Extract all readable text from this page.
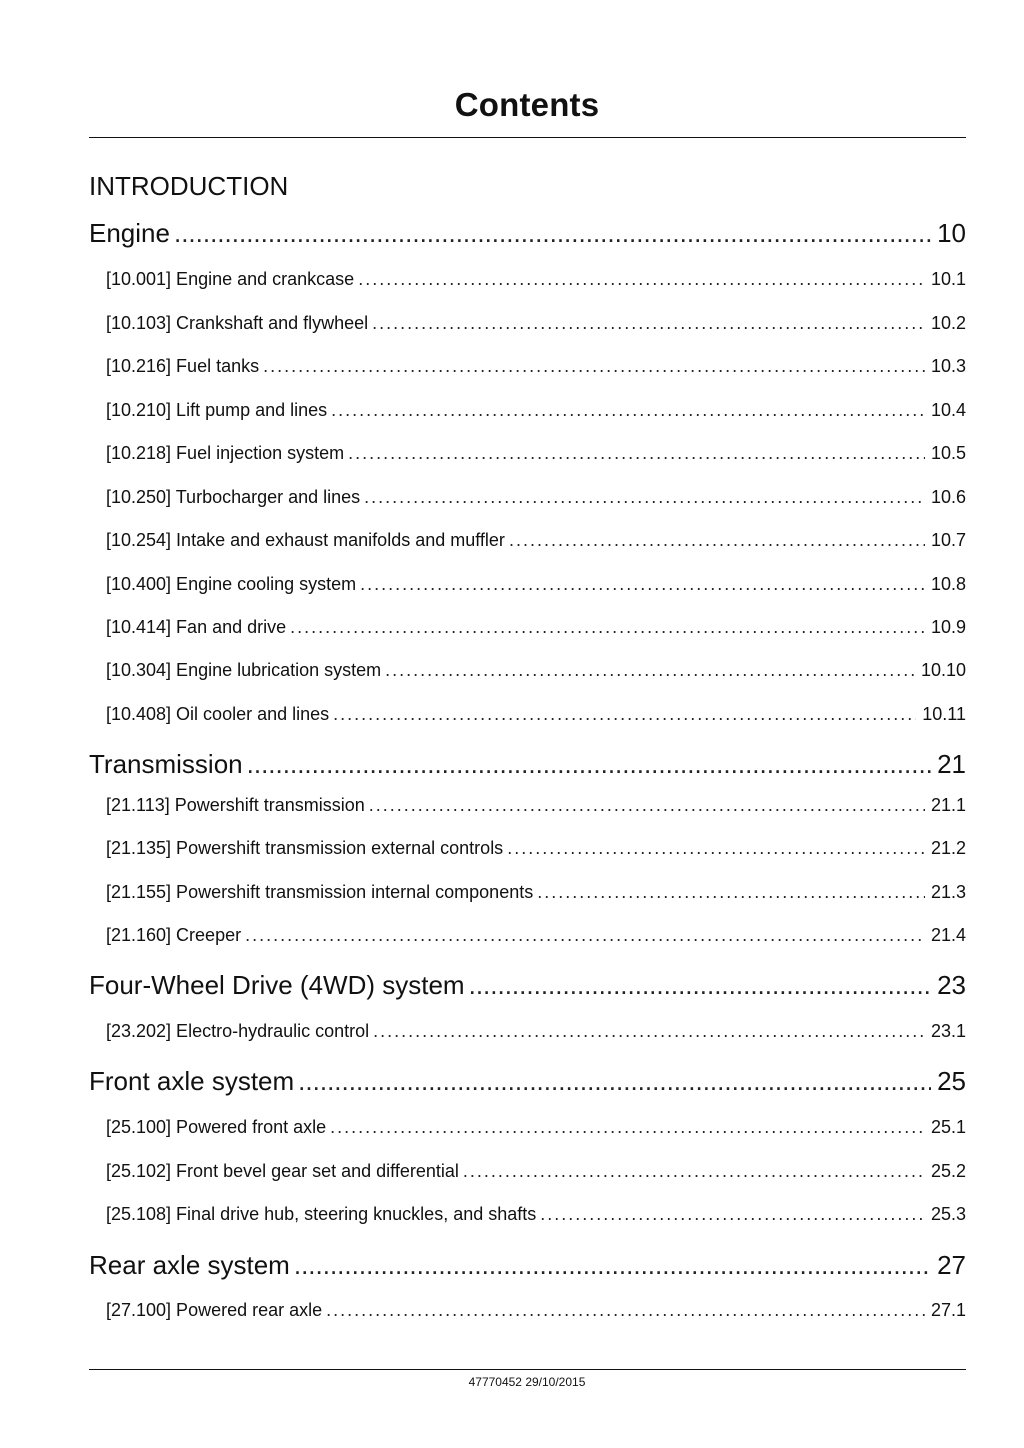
Contents
INTRODUCTION
Engine .....	10
[10.001] Engine and crankcase .....	10.1
[10.103] Crankshaft and flywheel .....	10.2
[10.216] Fuel tanks .....	10.3
[10.210] Lift pump and lines .....	10.4
[10.218] Fuel injection system .....	10.5
[10.250] Turbocharger and lines .....	10.6
[10.254] Intake and exhaust manifolds and muffler .....	10.7
[10.400] Engine cooling system .....	10.8
[10.414] Fan and drive .....	10.9
[10.304] Engine lubrication system .....	10.10
[10.408] Oil cooler and lines .....	10.11
Transmission .....	21
[21.113] Powershift transmission .....	21.1
[21.135] Powershift transmission external controls .....	21.2
[21.155] Powershift transmission internal components .....	21.3
[21.160] Creeper .....	21.4
Four-Wheel Drive (4WD) system .....	23
[23.202] Electro-hydraulic control .....	23.1
Front axle system .....	25
[25.100] Powered front axle .....	25.1
[25.102] Front bevel gear set and differential .....	25.2
[25.108] Final drive hub, steering knuckles, and shafts .....	25.3
Rear axle system .....	27
[27.100] Powered rear axle .....	27.1
47770452 29/10/2015
